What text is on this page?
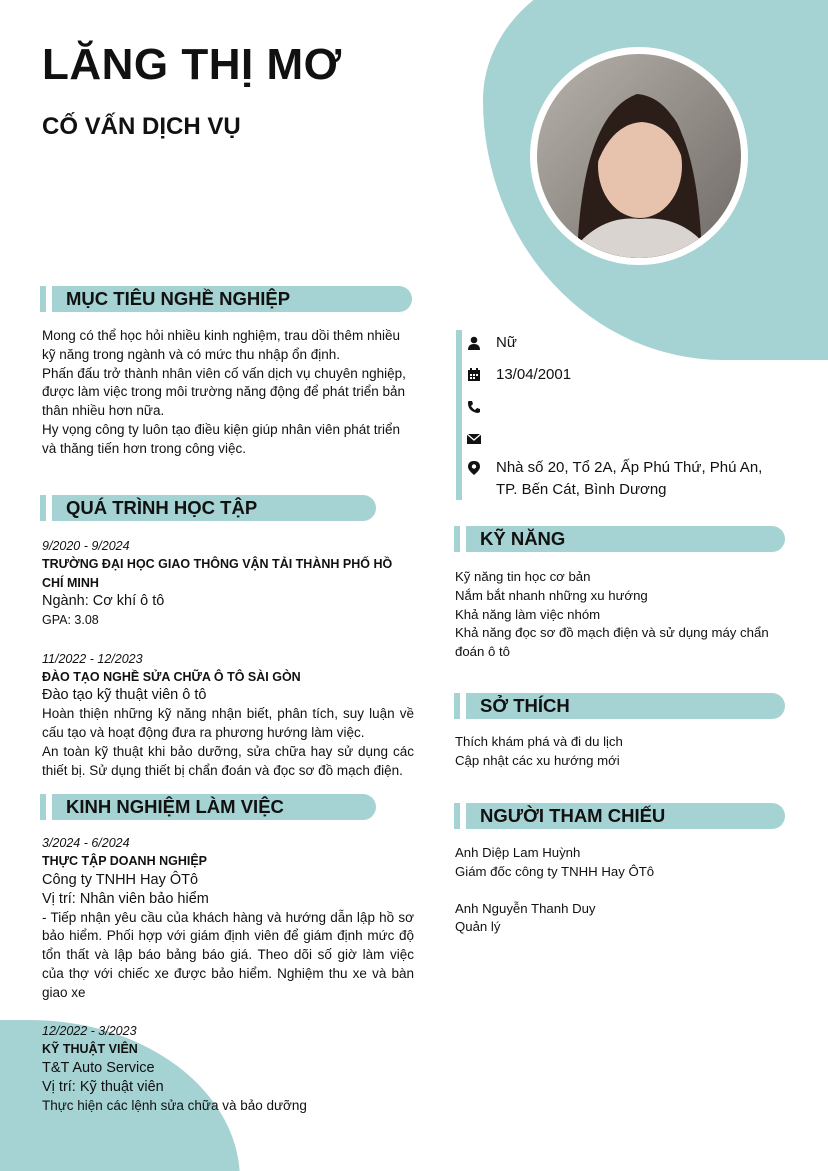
LĂNG THỊ MƠ
CỐ VẤN DỊCH VỤ
MỤC TIÊU NGHỀ NGHIỆP
Mong có thể học hỏi nhiều kinh nghiệm, trau dồi thêm nhiều kỹ năng trong ngành và có mức thu nhập ổn định.
Phấn đấu trở thành nhân viên cố vấn dịch vụ chuyên nghiệp, được làm việc trong môi trường năng động để phát triển bản thân nhiều hơn nữa.
Hy vọng công ty luôn tạo điều kiện giúp nhân viên phát triển và thăng tiến hơn trong công việc.
QUÁ TRÌNH HỌC TẬP
9/2020 - 9/2024
TRƯỜNG ĐẠI HỌC GIAO THÔNG VẬN TẢI THÀNH PHỐ HỒ CHÍ MINH
Ngành: Cơ khí ô tô
GPA: 3.08
11/2022 - 12/2023
ĐÀO TẠO NGHỀ SỬA CHỮA Ô TÔ SÀI GÒN
Đào tạo kỹ thuật viên ô tô
Hoàn thiện những kỹ năng nhận biết, phân tích, suy luận về cấu tạo và hoạt động đưa ra phương hướng làm việc.
An toàn kỹ thuật khi bảo dưỡng, sửa chữa hay sử dụng các thiết bị. Sử dụng thiết bị chẩn đoán và đọc sơ đồ mạch điện.
KINH NGHIỆM LÀM VIỆC
3/2024 - 6/2024
THỰC TẬP DOANH NGHIỆP
Công ty TNHH Hay ÔTô
Vị trí: Nhân viên bảo hiểm
- Tiếp nhận yêu cầu của khách hàng và hướng dẫn lập hồ sơ bảo hiểm. Phối hợp với giám định viên để giám định mức độ tổn thất và lập báo bảng báo giá. Theo dõi số giờ làm việc của thợ với chiếc xe được bảo hiểm. Nghiệm thu xe và bàn giao xe
12/2022 - 3/2023
KỸ THUẬT VIÊN
T&T Auto Service
Vị trí: Kỹ thuật viên
Thực hiện các lệnh sửa chữa và bảo dưỡng
Nữ
13/04/2001
Nhà số 20, Tổ 2A, Ấp Phú Thứ, Phú An,
TP. Bến Cát, Bình Dương
KỸ NĂNG
Kỹ năng tin học cơ bản
Nắm bắt nhanh những xu hướng
Khả năng làm việc nhóm
Khả năng đọc sơ đồ mạch điện và sử dụng máy chẩn đoán ô tô
SỞ THÍCH
Thích khám phá và đi du lịch
Cập nhật các xu hướng mới
NGƯỜI THAM CHIẾU
Anh Diệp Lam Huỳnh
Giám đốc công ty TNHH Hay ÔTô
Anh Nguyễn Thanh Duy
Quản lý
